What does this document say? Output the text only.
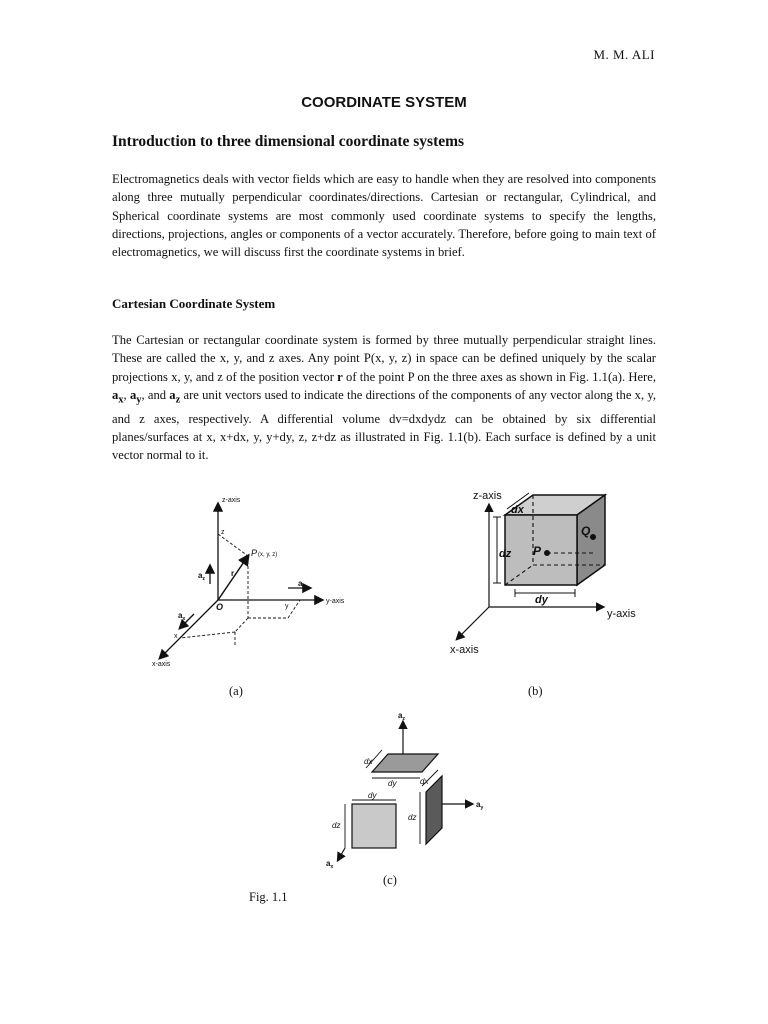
M. M. ALI
COORDINATE SYSTEM
Introduction to three dimensional coordinate systems

Electromagnetics deals with vector fields which are easy to handle when they are resolved into components along three mutually perpendicular coordinates/directions. Cartesian or rectangular, Cylindrical, and Spherical coordinate systems are most commonly used coordinate systems to specify the lengths, directions, projections, angles or components of a vector accurately. Therefore, before going to main text of electromagnetics, we will discuss first the coordinate systems in brief.

Cartesian Coordinate System

The Cartesian or rectangular coordinate system is formed by three mutually perpendicular straight lines. These are called the x, y, and z axes. Any point P(x, y, z) in space can be defined uniquely by the scalar projections x, y, and z of the position vector r of the point P on the three axes as shown in Fig. 1.1(a). Here, $a_x$, $a_y$, and $a_z$ are unit vectors used to indicate the directions of the components of any vector along the x, y, and z axes, respectively. A differential volume dv=dxdydz can be obtained by six differential planes/surfaces at x, x+dx, y, y+dy, z, z+dz as illustrated in Fig. 1.1(b). Each surface is defined by a unit vector normal to it.

z-axis
y-axis
x-axis
z
y
x
O
P (x, y, z)
r
$a_z$	$a_y$
$a_x$
(a)
z-axis
y-axis
x-axis
dx
dy
dz P
Q
(b)
$a_z$
$a_y$
$a_x$
dx
dy
dy
dz
dx
dz
(c)
Fig. 1.1
